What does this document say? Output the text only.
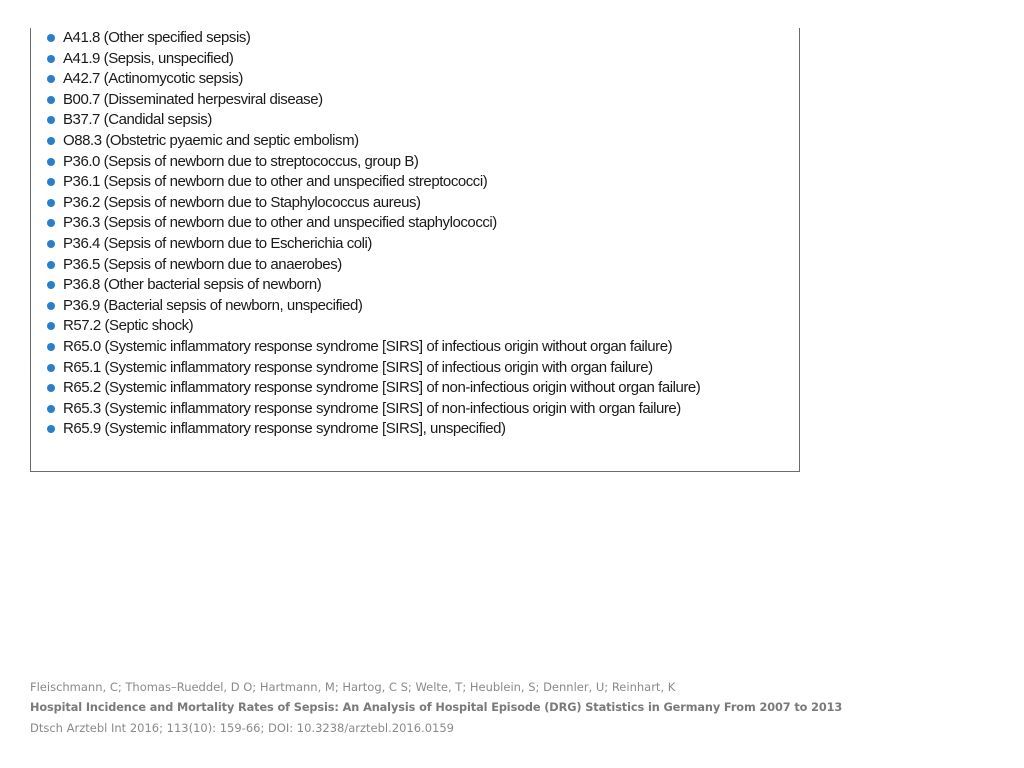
A41.8 (Other specified sepsis)
A41.9 (Sepsis, unspecified)
A42.7 (Actinomycotic sepsis)
B00.7 (Disseminated herpesviral disease)
B37.7 (Candidal sepsis)
O88.3 (Obstetric pyaemic and septic embolism)
P36.0 (Sepsis of newborn due to streptococcus, group B)
P36.1 (Sepsis of newborn due to other and unspecified streptococci)
P36.2 (Sepsis of newborn due to Staphylococcus aureus)
P36.3 (Sepsis of newborn due to other and unspecified staphylococci)
P36.4 (Sepsis of newborn due to Escherichia coli)
P36.5 (Sepsis of newborn due to anaerobes)
P36.8 (Other bacterial sepsis of newborn)
P36.9 (Bacterial sepsis of newborn, unspecified)
R57.2 (Septic shock)
R65.0 (Systemic inflammatory response syndrome [SIRS] of infectious origin without organ failure)
R65.1 (Systemic inflammatory response syndrome [SIRS] of infectious origin with organ failure)
R65.2 (Systemic inflammatory response syndrome [SIRS] of non-infectious origin without organ failure)
R65.3 (Systemic inflammatory response syndrome [SIRS] of non-infectious origin with organ failure)
R65.9 (Systemic inflammatory response syndrome [SIRS], unspecified)
Fleischmann, C; Thomas–Rueddel, D O; Hartmann, M; Hartog, C S; Welte, T; Heublein, S; Dennler, U; Reinhart, K
Hospital Incidence and Mortality Rates of Sepsis: An Analysis of Hospital Episode (DRG) Statistics in Germany From 2007 to 2013
Dtsch Arztebl Int 2016; 113(10): 159-66; DOI: 10.3238/arztebl.2016.0159
